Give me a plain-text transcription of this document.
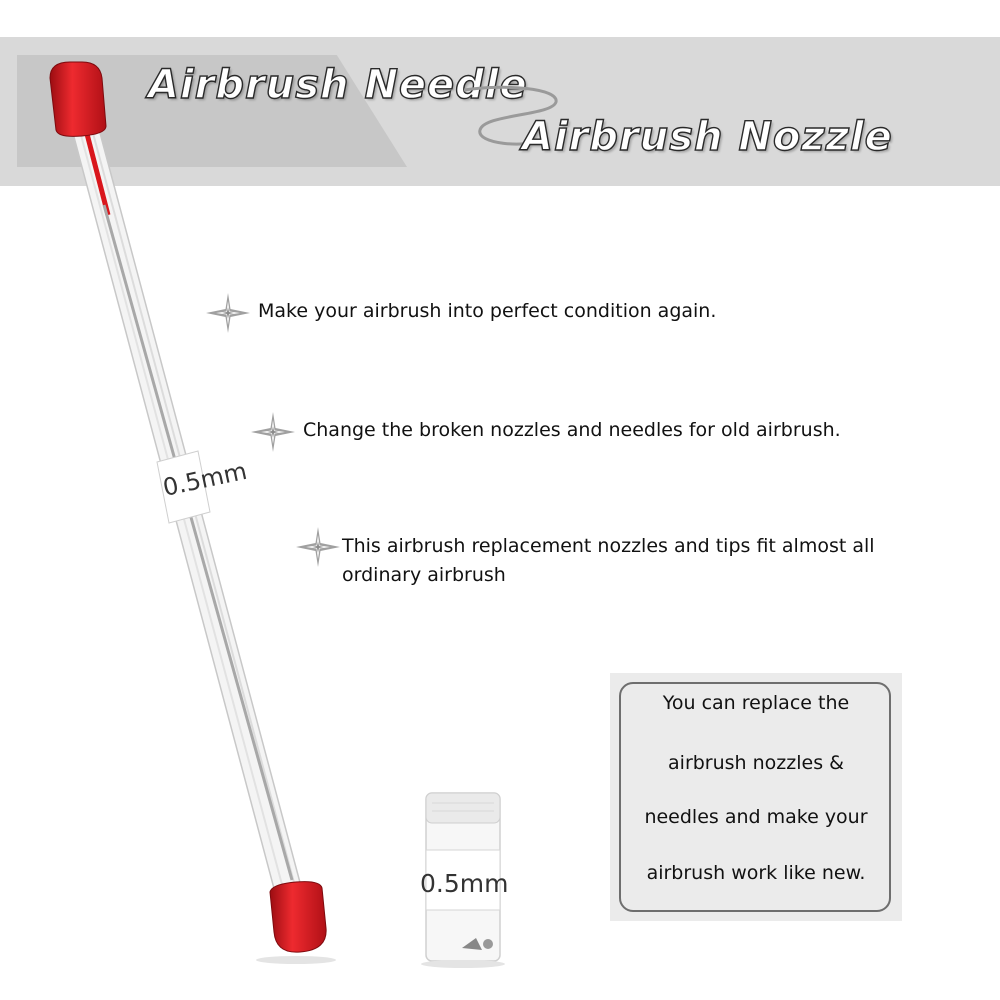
Airbrush Needle
Airbrush Nozzle
0.5mm
0.5mm
Make your airbrush into perfect condition again.
Change the broken nozzles and needles for old airbrush.
This airbrush replacement nozzles and tips fit almost all ordinary airbrush
You can replace the
airbrush nozzles &
needles and make your
airbrush work like new.
